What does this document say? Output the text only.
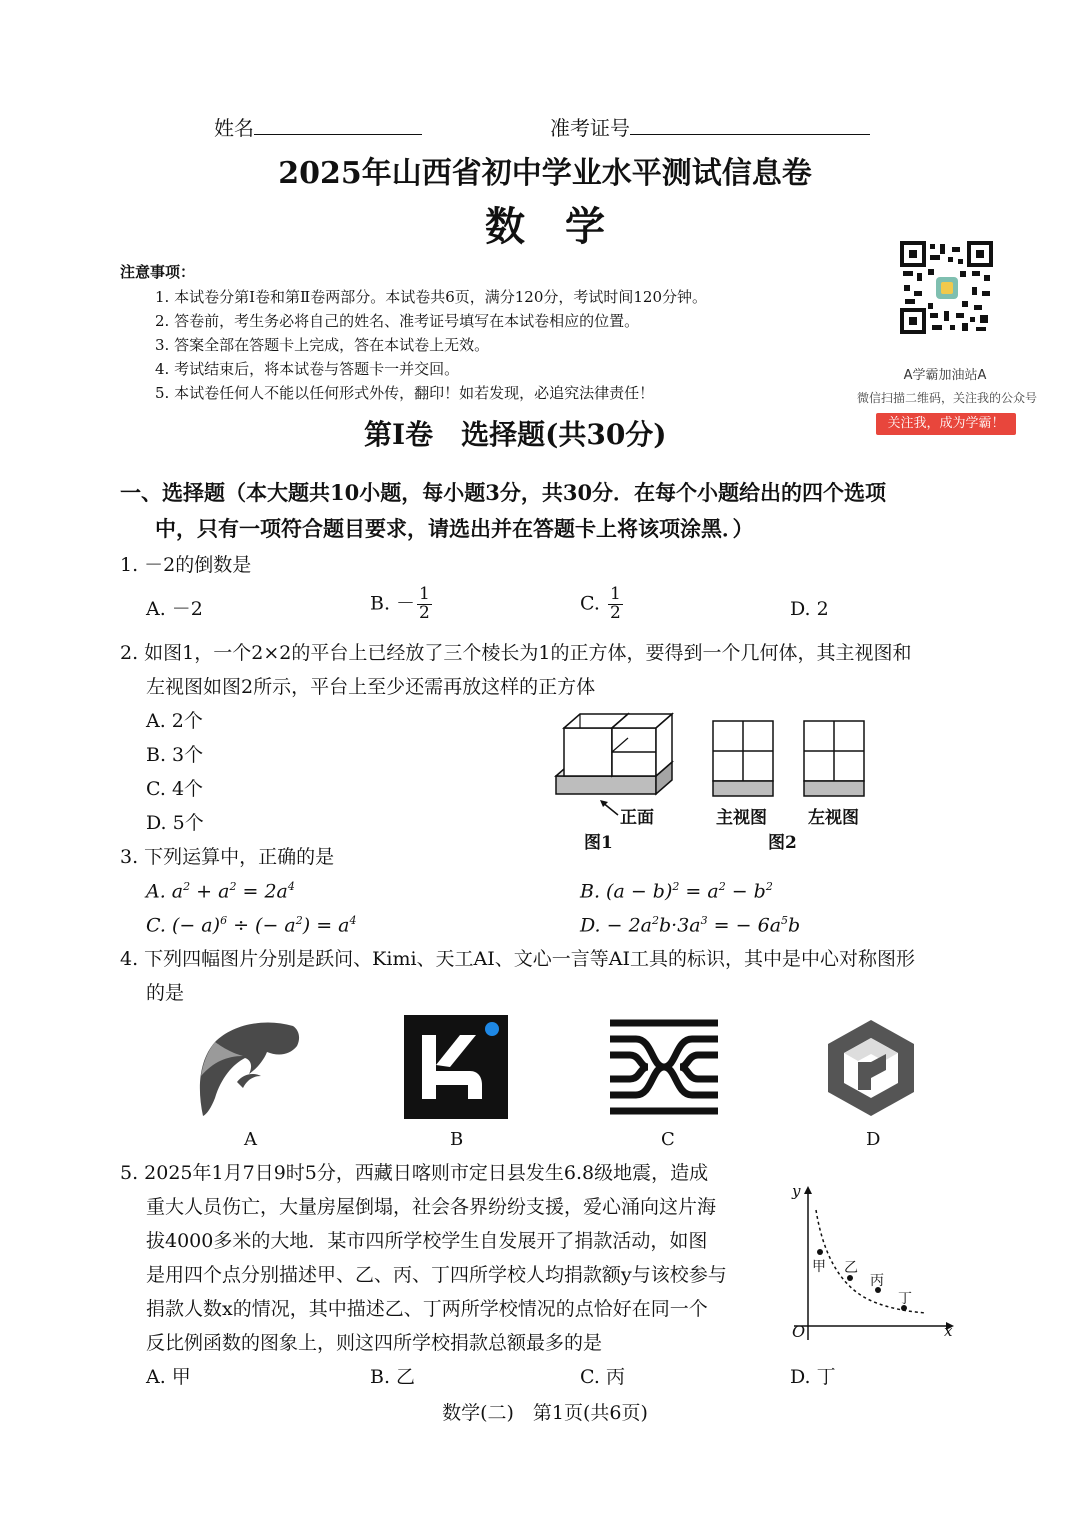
姓名	准考证号
2025年山西省初中学业水平测试信息卷
数　学
注意事项：
1. 本试卷分第Ⅰ卷和第Ⅱ卷两部分。本试卷共6页，满分120分，考试时间120分钟。
2. 答卷前，考生务必将自己的姓名、准考证号填写在本试卷相应的位置。
3. 答案全部在答题卡上完成，答在本试卷上无效。
4. 考试结束后，将本试卷与答题卡一并交回。
5. 本试卷任何人不能以任何形式外传，翻印！如若发现，必追究法律责任！
A学霸加油站A
微信扫描二维码，关注我的公众号
关注我，成为学霸！
第Ⅰ卷　选择题(共30分)
一、选择题（本大题共10小题，每小题3分，共30分．在每个小题给出的四个选项
中，只有一项符合题目要求，请选出并在答题卡上将该项涂黑．）
1. －2的倒数是
A. －2	B. － $\frac{1}{2}$	C. $\frac{1}{2}$	D. 2
2. 如图1，一个2×2的平台上已经放了三个棱长为1的正方体，要得到一个几何体，其主视图和
左视图如图2所示，平台上至少还需再放这样的正方体
A. 2个
B. 3个
C. 4个
D. 5个	正面
图1
主视图 左视图
图2
3. 下列运算中，正确的是
A. $a^2 + a^2 = 2a^4$	B. $(a - b)^2 = a^2 - b^2$
C. (− a)$^6$ ÷ (− $a^2) = a^4$	D. − $2a^2b\cdot 3a^3$ = − $6a^5b$
4. 下列四幅图片分别是跃问、Kimi、天工AI、文心一言等AI工具的标识，其中是中心对称图形
的是
A	B	C	D
5. 2025年1月7日9时5分，西藏日喀则市定日县发生6.8级地震，造成
重大人员伤亡，大量房屋倒塌，社会各界纷纷支援，爱心涌向这片海
拔4000多米的大地．某市四所学校学生自发展开了捐款活动，如图
是用四个点分别描述甲、乙、丙、丁四所学校人均捐款额y与该校参与
捐款人数x的情况，其中描述乙、丁两所学校情况的点恰好在同一个
反比例函数的图象上，则这四所学校捐款总额最多的是
A. 甲	B. 乙	C. 丙	D. 丁
y
x
O
甲 乙
丙
丁
数学(二)　第1页(共6页)
